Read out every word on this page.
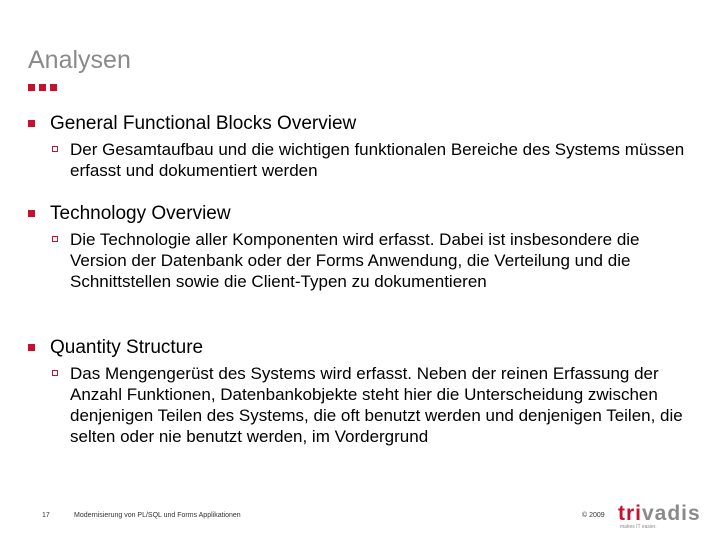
Analysen
General Functional Blocks Overview
Der Gesamtaufbau und die wichtigen funktionalen Bereiche des Systems müssen erfasst und dokumentiert werden
Technology Overview
Die Technologie aller Komponenten wird erfasst. Dabei ist insbesondere die Version der Datenbank oder der Forms Anwendung, die Verteilung und die Schnittstellen sowie die Client-Typen zu dokumentieren
Quantity Structure
Das Mengengerüst des Systems wird erfasst. Neben der reinen Erfassung der Anzahl Funktionen, Datenbankobjekte steht hier die Unterscheidung zwischen denjenigen Teilen des Systems, die oft benutzt werden und denjenigen Teilen, die selten oder nie benutzt werden, im Vordergrund
17	Modernisierung von PL/SQL und Forms Applikationen	© 2009 trivadis
makes IT easier.
